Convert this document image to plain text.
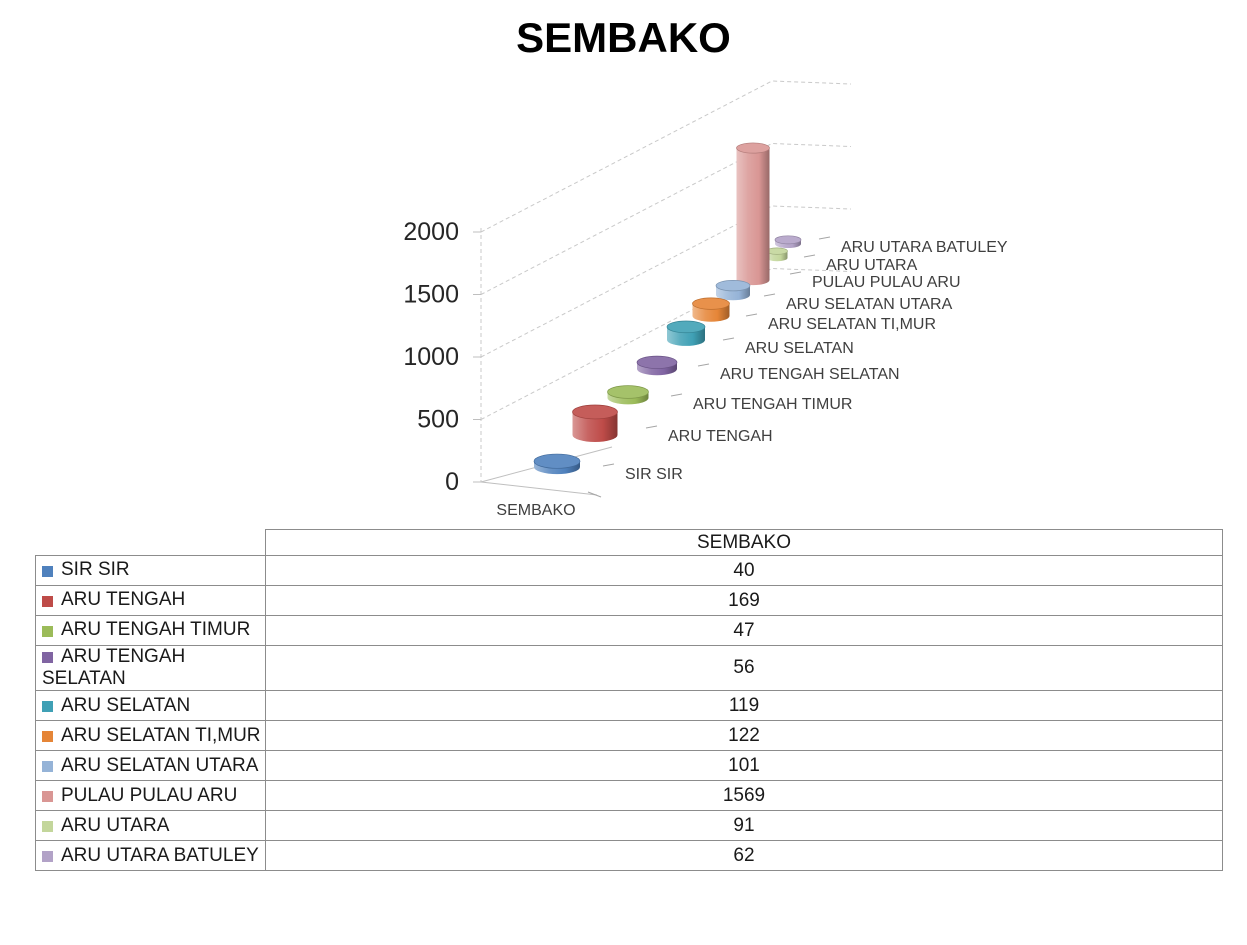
SEMBAKO
0
500
1000
1500
2000
SEMBAKO
SIR SIR
ARU TENGAH
ARU TENGAH TIMUR
ARU TENGAH SELATAN
ARU SELATAN
ARU SELATAN TI,MUR
ARU SELATAN UTARA
PULAU PULAU ARU
ARU UTARA
ARU UTARA BATULEY
	SEMBAKO
SIR SIR	40
ARU TENGAH	169
ARU TENGAH TIMUR	47
ARU TENGAH SELATAN	56
ARU SELATAN	119
ARU SELATAN TI,MUR	122
ARU SELATAN UTARA	101
PULAU PULAU ARU	1569
ARU UTARA	91
ARU UTARA BATULEY	62
